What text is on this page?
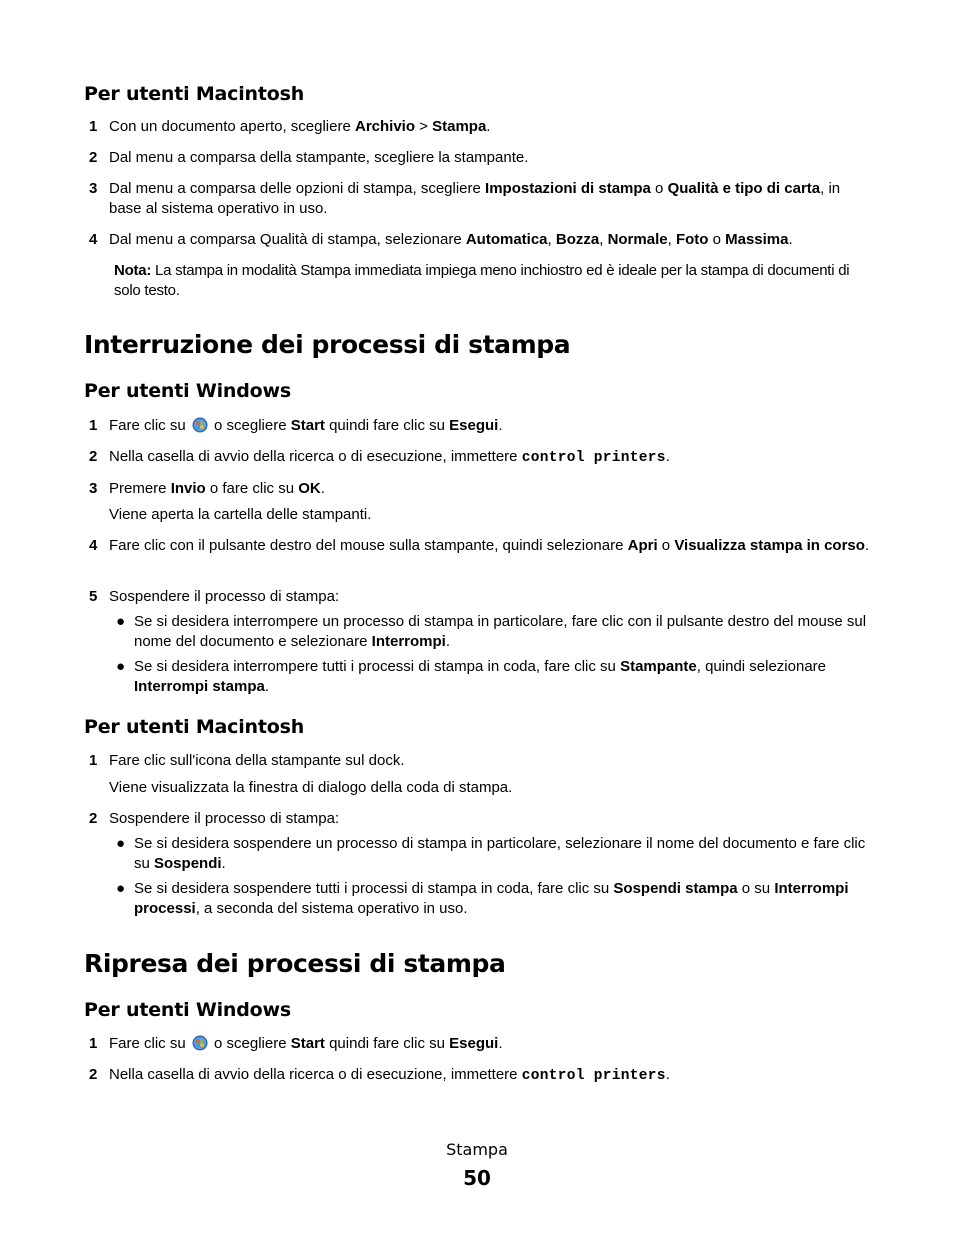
Per utenti Macintosh
1 Con un documento aperto, scegliere Archivio > Stampa.
2 Dal menu a comparsa della stampante, scegliere la stampante.
3 Dal menu a comparsa delle opzioni di stampa, scegliere Impostazioni di stampa o Qualità e tipo di carta, in base al sistema operativo in uso.
4 Dal menu a comparsa Qualità di stampa, selezionare Automatica, Bozza, Normale, Foto o Massima.
Nota: La stampa in modalità Stampa immediata impiega meno inchiostro ed è ideale per la stampa di documenti di solo testo.
Interruzione dei processi di stampa
Per utenti Windows
1 Fare clic su  o scegliere Start quindi fare clic su Esegui.
2 Nella casella di avvio della ricerca o di esecuzione, immettere control printers.
3 Premere Invio o fare clic su OK.
Viene aperta la cartella delle stampanti.
4 Fare clic con il pulsante destro del mouse sulla stampante, quindi selezionare Apri o Visualizza stampa in corso.
5 Sospendere il processo di stampa:
● Se si desidera interrompere un processo di stampa in particolare, fare clic con il pulsante destro del mouse sul nome del documento e selezionare Interrompi.
● Se si desidera interrompere tutti i processi di stampa in coda, fare clic su Stampante, quindi selezionare Interrompi stampa.
Per utenti Macintosh
1 Fare clic sull'icona della stampante sul dock.
Viene visualizzata la finestra di dialogo della coda di stampa.
2 Sospendere il processo di stampa:
● Se si desidera sospendere un processo di stampa in particolare, selezionare il nome del documento e fare clic su Sospendi.
● Se si desidera sospendere tutti i processi di stampa in coda, fare clic su Sospendi stampa o su Interrompi processi, a seconda del sistema operativo in uso.
Ripresa dei processi di stampa
Per utenti Windows
1 Fare clic su  o scegliere Start quindi fare clic su Esegui.
2 Nella casella di avvio della ricerca o di esecuzione, immettere control printers.
Stampa
50
